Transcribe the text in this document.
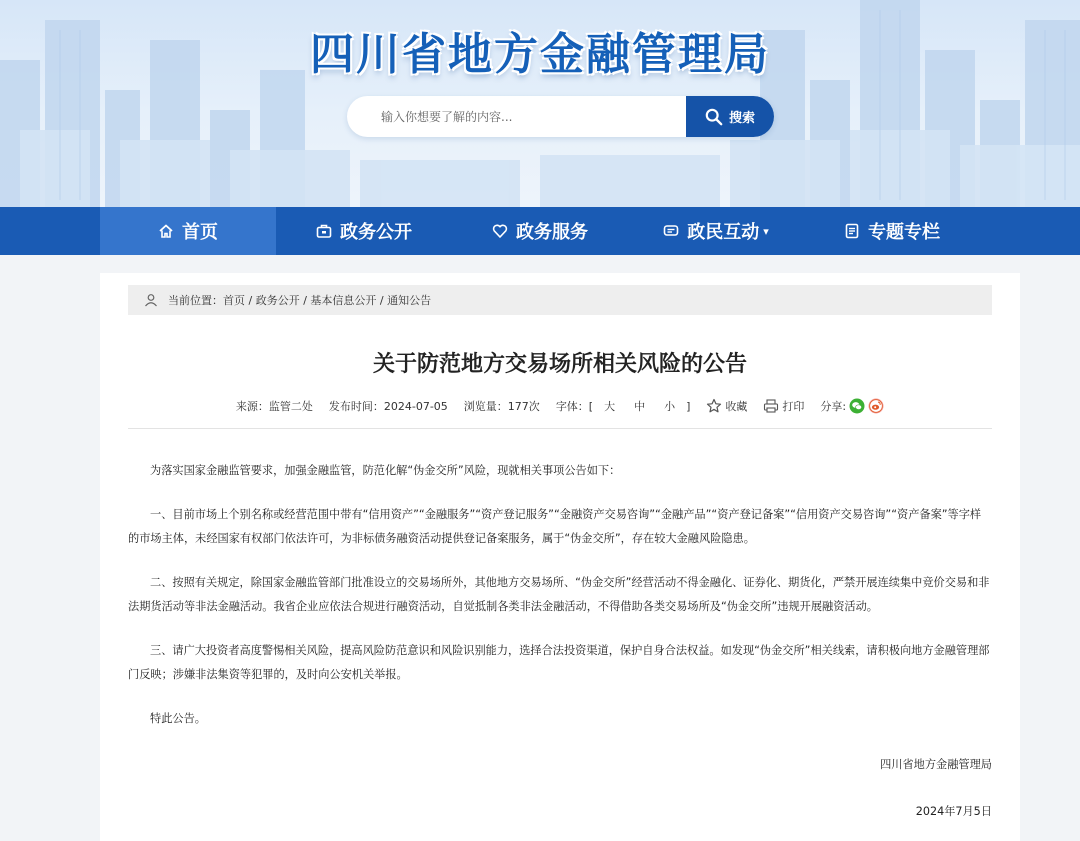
四川省地方金融管理局
输入你想要了解的内容...
搜索
首页	政务公开	政务服务	政民互动 ▾	专题专栏
当前位置： 首页 / 政务公开 / 基本信息公开 / 通知公告
关于防范地方交易场所相关风险的公告
来源：监管二处 发布时间：2024-07-05 浏览量：177次 字体：[ 大 中 小 ]	收藏	打印 分享:

为落实国家金融监管要求，加强金融监管，防范化解“伪金交所”风险，现就相关事项公告如下：

一、目前市场上个别名称或经营范围中带有“信用资产”“金融服务”“资产登记服务”“金融资产交易咨询”“金融产品”“资产登记备案”“信用资产交易咨询”“资产备案”等字样的市场主体，未经国家有权部门依法许可，为非标债务融资活动提供登记备案服务，属于“伪金交所”，存在较大金融风险隐患。

二、按照有关规定，除国家金融监管部门批准设立的交易场所外，其他地方交易场所、“伪金交所”经营活动不得金融化、证券化、期货化，严禁开展连续集中竞价交易和非法期货活动等非法金融活动。我省企业应依法合规进行融资活动，自觉抵制各类非法金融活动，不得借助各类交易场所及“伪金交所”违规开展融资活动。

三、请广大投资者高度警惕相关风险，提高风险防范意识和风险识别能力，选择合法投资渠道，保护自身合法权益。如发现“伪金交所”相关线索，请积极向地方金融管理部门反映；涉嫌非法集资等犯罪的，及时向公安机关举报。

特此公告。

四川省地方金融管理局
2024年7月5日
